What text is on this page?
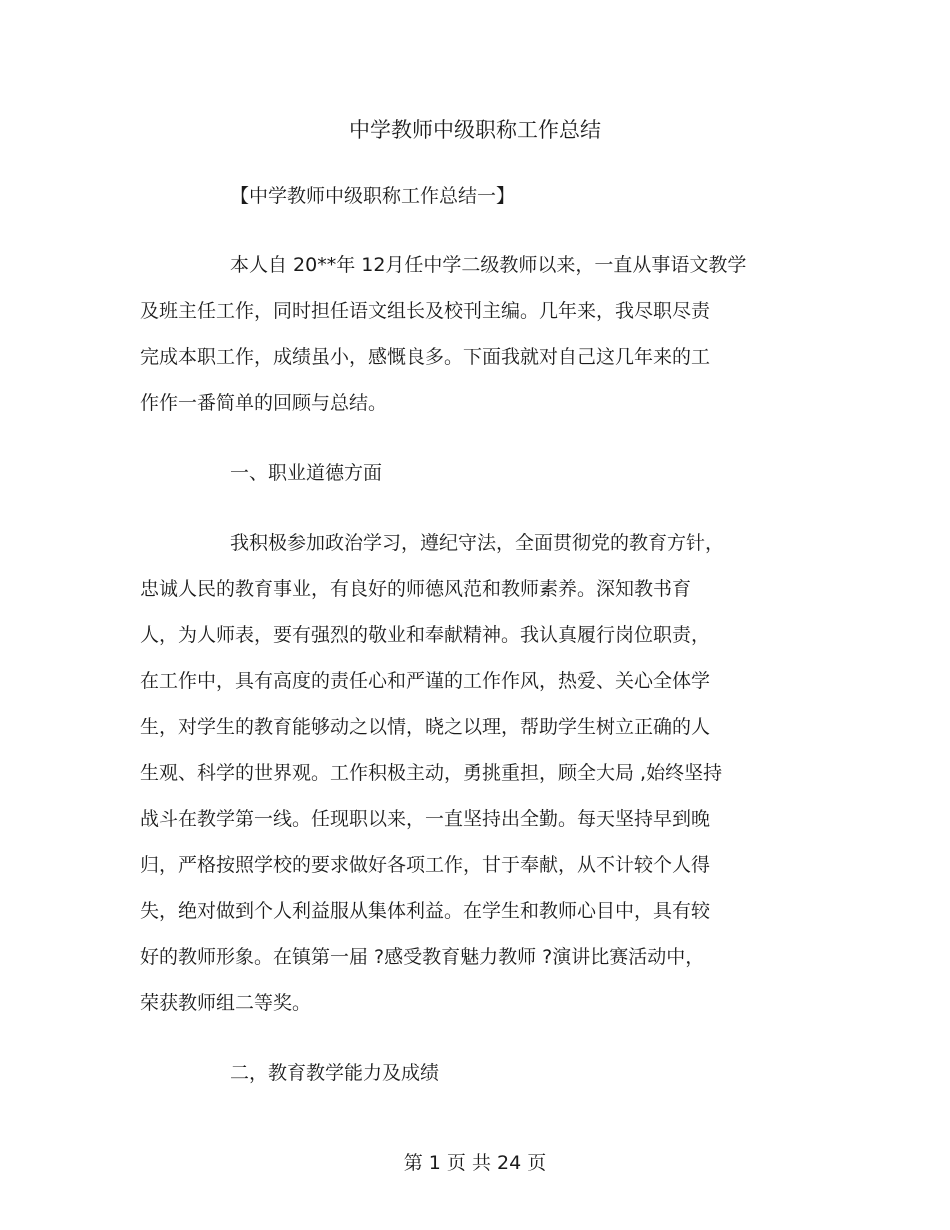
中学教师中级职称工作总结
【中学教师中级职称工作总结一】
本人自 20**年 12月任中学二级教师以来，一直从事语文教学
及班主任工作，同时担任语文组长及校刊主编。几年来，我尽职尽责
完成本职工作，成绩虽小，感慨良多。下面我就对自己这几年来的工
作作一番简单的回顾与总结。
一、职业道德方面
我积极参加政治学习，遵纪守法，全面贯彻党的教育方针，
忠诚人民的教育事业，有良好的师德风范和教师素养。深知教书育
人，为人师表，要有强烈的敬业和奉献精神。我认真履行岗位职责，
在工作中，具有高度的责任心和严谨的工作作风，热爱、关心全体学
生，对学生的教育能够动之以情，晓之以理，帮助学生树立正确的人
生观、科学的世界观。工作积极主动，勇挑重担，顾全大局 ,始终坚持
战斗在教学第一线。任现职以来，一直坚持出全勤。每天坚持早到晚
归，严格按照学校的要求做好各项工作，甘于奉献，从不计较个人得
失，绝对做到个人利益服从集体利益。在学生和教师心目中，具有较
好的教师形象。在镇第一届 ?感受教育魅力教师 ?演讲比赛活动中，
荣获教师组二等奖。
二，教育教学能力及成绩
第 1 页 共 24 页
